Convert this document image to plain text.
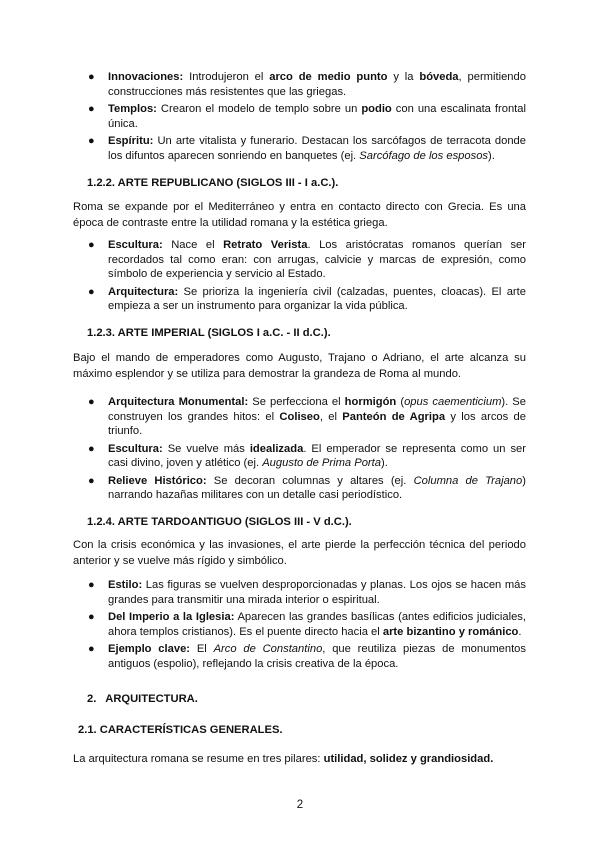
● Innovaciones: Introdujeron el arco de medio punto y la bóveda, permitiendo construcciones más resistentes que las griegas.
● Templos: Crearon el modelo de templo sobre un podio con una escalinata frontal única.
● Espíritu: Un arte vitalista y funerario. Destacan los sarcófagos de terracota donde los difuntos aparecen sonriendo en banquetes (ej. Sarcófago de los esposos).
1.2.2. ARTE REPUBLICANO (SIGLOS III - I a.C.).
Roma se expande por el Mediterráneo y entra en contacto directo con Grecia. Es una época de contraste entre la utilidad romana y la estética griega.
● Escultura: Nace el Retrato Verista. Los aristócratas romanos querían ser recordados tal como eran: con arrugas, calvicie y marcas de expresión, como símbolo de experiencia y servicio al Estado.
● Arquitectura: Se prioriza la ingeniería civil (calzadas, puentes, cloacas). El arte empieza a ser un instrumento para organizar la vida pública.
1.2.3. ARTE IMPERIAL (SIGLOS I a.C. - II d.C.).
Bajo el mando de emperadores como Augusto, Trajano o Adriano, el arte alcanza su máximo esplendor y se utiliza para demostrar la grandeza de Roma al mundo.
● Arquitectura Monumental: Se perfecciona el hormigón (opus caementicium). Se construyen los grandes hitos: el Coliseo, el Panteón de Agripa y los arcos de triunfo.
● Escultura: Se vuelve más idealizada. El emperador se representa como un ser casi divino, joven y atlético (ej. Augusto de Prima Porta).
● Relieve Histórico: Se decoran columnas y altares (ej. Columna de Trajano) narrando hazañas militares con un detalle casi periodístico.
1.2.4. ARTE TARDOANTIGUO (SIGLOS III - V d.C.).
Con la crisis económica y las invasiones, el arte pierde la perfección técnica del periodo anterior y se vuelve más rígido y simbólico.
● Estilo: Las figuras se vuelven desproporcionadas y planas. Los ojos se hacen más grandes para transmitir una mirada interior o espiritual.
● Del Imperio a la Iglesia: Aparecen las grandes basílicas (antes edificios judiciales, ahora templos cristianos). Es el puente directo hacia el arte bizantino y románico.
● Ejemplo clave: El Arco de Constantino, que reutiliza piezas de monumentos antiguos (espolio), reflejando la crisis creativa de la época.
2.   ARQUITECTURA.
2.1. CARACTERÍSTICAS GENERALES.
La arquitectura romana se resume en tres pilares: utilidad, solidez y grandiosidad.
2
